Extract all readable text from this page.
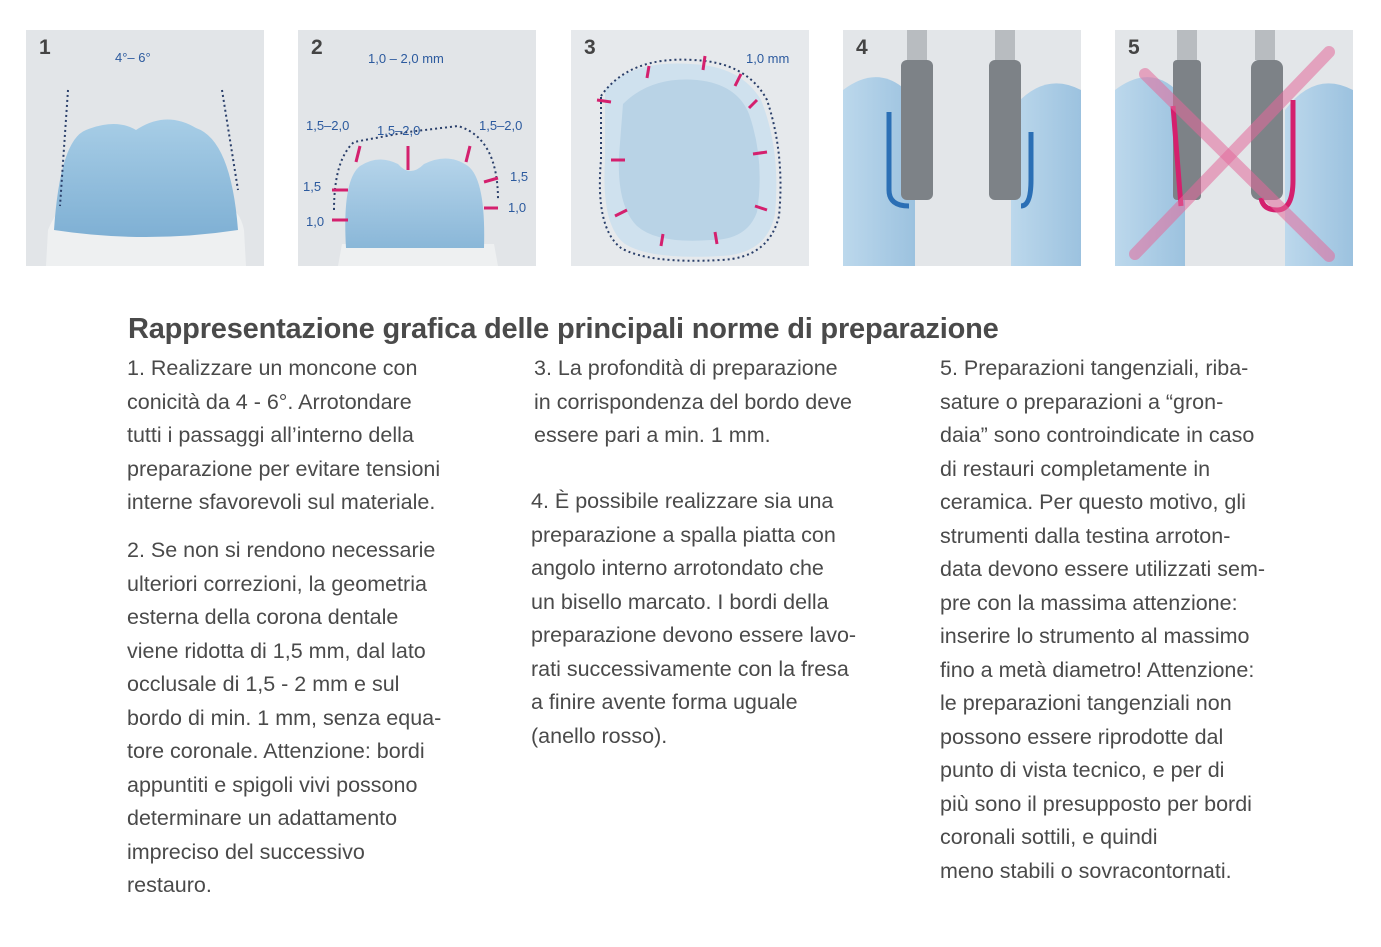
4°– 6°
1	1,0 – 2,0 mm
1,5–2,0 1,5–2,0	1,5–2,0
1,5
1,0
1,5
1,0
2	1,0 mm
3	4	5
Rappresentazione grafica delle principali norme di preparazione

1. Realizzare un moncone con
conicità da 4 - 6°. Arrotondare
tutti i passaggi all’interno della
preparazione per evitare tensioni
interne sfavorevoli sul materiale.

2. Se non si rendono necessarie
ulteriori correzioni, la geometria
esterna della corona dentale
viene ridotta di 1,5 mm, dal lato
occlusale di 1,5 - 2 mm e sul
bordo di min. 1 mm, senza equa-
tore coronale. Attenzione: bordi
appuntiti e spigoli vivi possono
determinare un adattamento
impreciso del successivo
restauro.

3. La profondità di preparazione
in corrispondenza del bordo deve
essere pari a min. 1 mm.

4. È possibile realizzare sia una
preparazione a spalla piatta con
angolo interno arrotondato che
un bisello marcato. I bordi della
preparazione devono essere lavo-
rati successivamente con la fresa
a finire avente forma uguale
(anello rosso).

5. Preparazioni tangenziali, riba-
sature o preparazioni a “gron-
daia” sono controindicate in caso
di restauri completamente in
ceramica. Per questo motivo, gli
strumenti dalla testina arroton-
data devono essere utilizzati sem-
pre con la massima attenzione:
inserire lo strumento al massimo
fino a metà diametro! Attenzione:
le preparazioni tangenziali non
possono essere riprodotte dal
punto di vista tecnico, e per di
più sono il presupposto per bordi
coronali sottili, e quindi
meno stabili o sovracontornati.
